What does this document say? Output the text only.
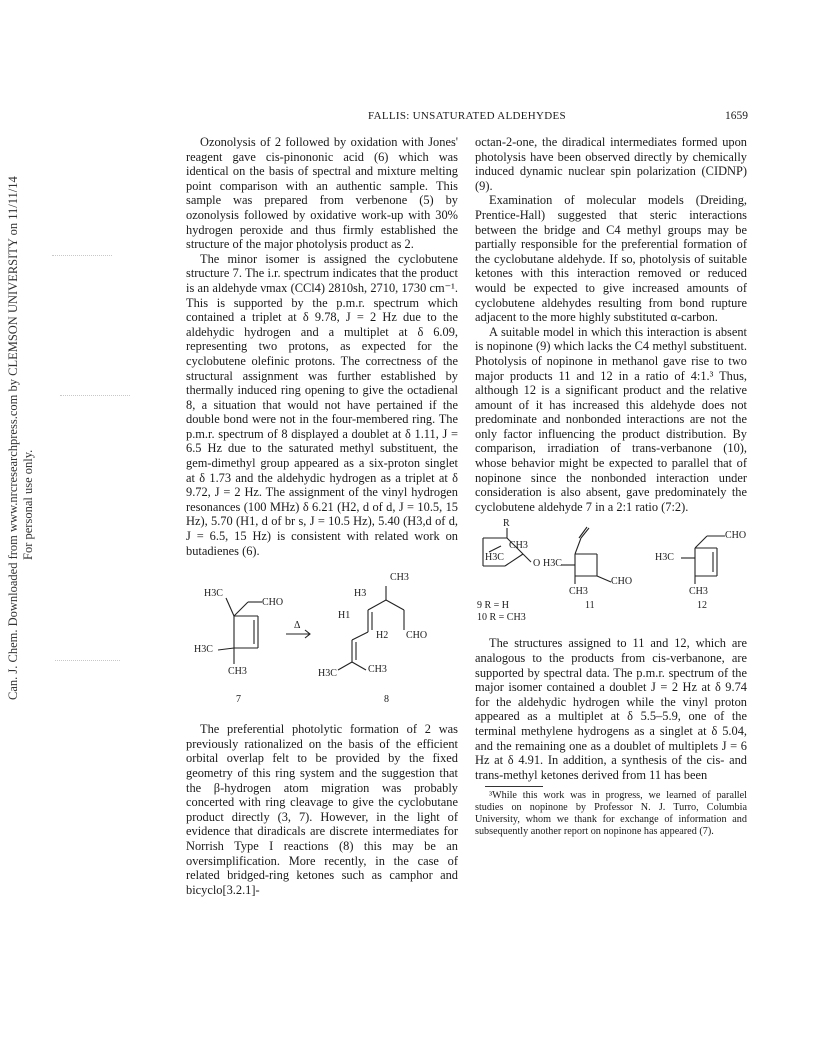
Can. J. Chem. Downloaded from www.nrcresearchpress.com by CLEMSON UNIVERSITY on 11/11/14 For personal use only.
FALLIS: UNSATURATED ALDEHYDES	1659

Ozonolysis of 2 followed by oxidation with Jones' reagent gave cis-pinononic acid (6) which was identical on the basis of spectral and mixture melting point comparison with an authentic sample. This sample was prepared from verbenone (5) by ozonolysis followed by oxidative work-up with 30% hydrogen peroxide and thus firmly established the structure of the major photolysis product as 2.

The minor isomer is assigned the cyclobutene structure 7. The i.r. spectrum indicates that the product is an aldehyde νmax (CCl4) 2810sh, 2710, 1730 cm⁻¹. This is supported by the p.m.r. spectrum which contained a triplet at δ 9.78, J = 2 Hz due to the aldehydic hydrogen and a multiplet at δ 6.09, representing two protons, as expected for the cyclobutene olefinic protons. The correctness of the structural assignment was further established by thermally induced ring opening to give the octadienal 8, a situation that would not have pertained if the double bond were not in the four-membered ring. The p.m.r. spectrum of 8 displayed a doublet at δ 1.11, J = 6.5 Hz due to the saturated methyl substituent, the gem-dimethyl group appeared as a six-proton singlet at δ 1.73 and the aldehydic hydrogen as a triplet at δ 9.72, J = 2 Hz. The assignment of the vinyl hydrogen resonances (100 MHz) δ 6.21 (H2, d of d, J = 10.5, 15 Hz), 5.70 (H1, d of br s, J = 10.5 Hz), 5.40 (H3,d of d, J = 6.5, 15 Hz) is consistent with related work on butadienes (6).

H3C
CHO
H3C
CH3
7
Δ
CH3
H3
H1
H2 CHO
H3C	CH3
8

The preferential photolytic formation of 2 was previously rationalized on the basis of the efficient orbital overlap felt to be provided by the fixed geometry of this ring system and the suggestion that the β-hydrogen atom migration was probably concerted with ring cleavage to give the cyclobutane product directly (3, 7). However, in the light of evidence that diradicals are discrete intermediates for Norrish Type I reactions (8) this may be an oversimplification. More recently, in the case of related bridged-ring ketones such as camphor and bicyclo[3.2.1]-

octan-2-one, the diradical intermediates formed upon photolysis have been observed directly by chemically induced dynamic nuclear spin polarization (CIDNP) (9).

Examination of molecular models (Dreiding, Prentice-Hall) suggested that steric interactions between the bridge and C4 methyl groups may be partially responsible for the preferential formation of the cyclobutane aldehyde. If so, photolysis of suitable ketones with this interaction removed or reduced would be expected to give increased amounts of cyclobutene aldehydes resulting from bond rupture adjacent to the more highly substituted α-carbon.

A suitable model in which this interaction is absent is nopinone (9) which lacks the C4 methyl substituent. Photolysis of nopinone in methanol gave rise to two major products 11 and 12 in a ratio of 4:1.³ Thus, although 12 is a significant product and the relative amount of it has increased this aldehyde does not predominate and nonbonded interactions are not the only factor influencing the product distribution. By comparison, irradiation of trans-verbanone (10), whose behavior might be expected to parallel that of nopinone since the nonbonded interaction under consideration is also absent, gave predominately the cyclobutene aldehyde 7 in a 2:1 ratio (7:2).

R
CH3
H3C
O H3C
CHO
CH3
H3C
CHO
CH3
9 R = H
10 R = CH3
11	12

The structures assigned to 11 and 12, which are analogous to the products from cis-verbanone, are supported by spectral data. The p.m.r. spectrum of the major isomer contained a doublet J = 2 Hz at δ 9.74 for the aldehydic hydrogen while the vinyl proton appeared as a multiplet at δ 5.5–5.9, one of the terminal methylene hydrogens as a singlet at δ 5.04, and the remaining one as a doublet of multiplets J = 6 Hz at δ 4.91. In addition, a synthesis of the cis- and trans-methyl ketones derived from 11 has been

³While this work was in progress, we learned of parallel studies on nopinone by Professor N. J. Turro, Columbia University, whom we thank for exchange of information and subsequently another report on nopinone has appeared (7).
